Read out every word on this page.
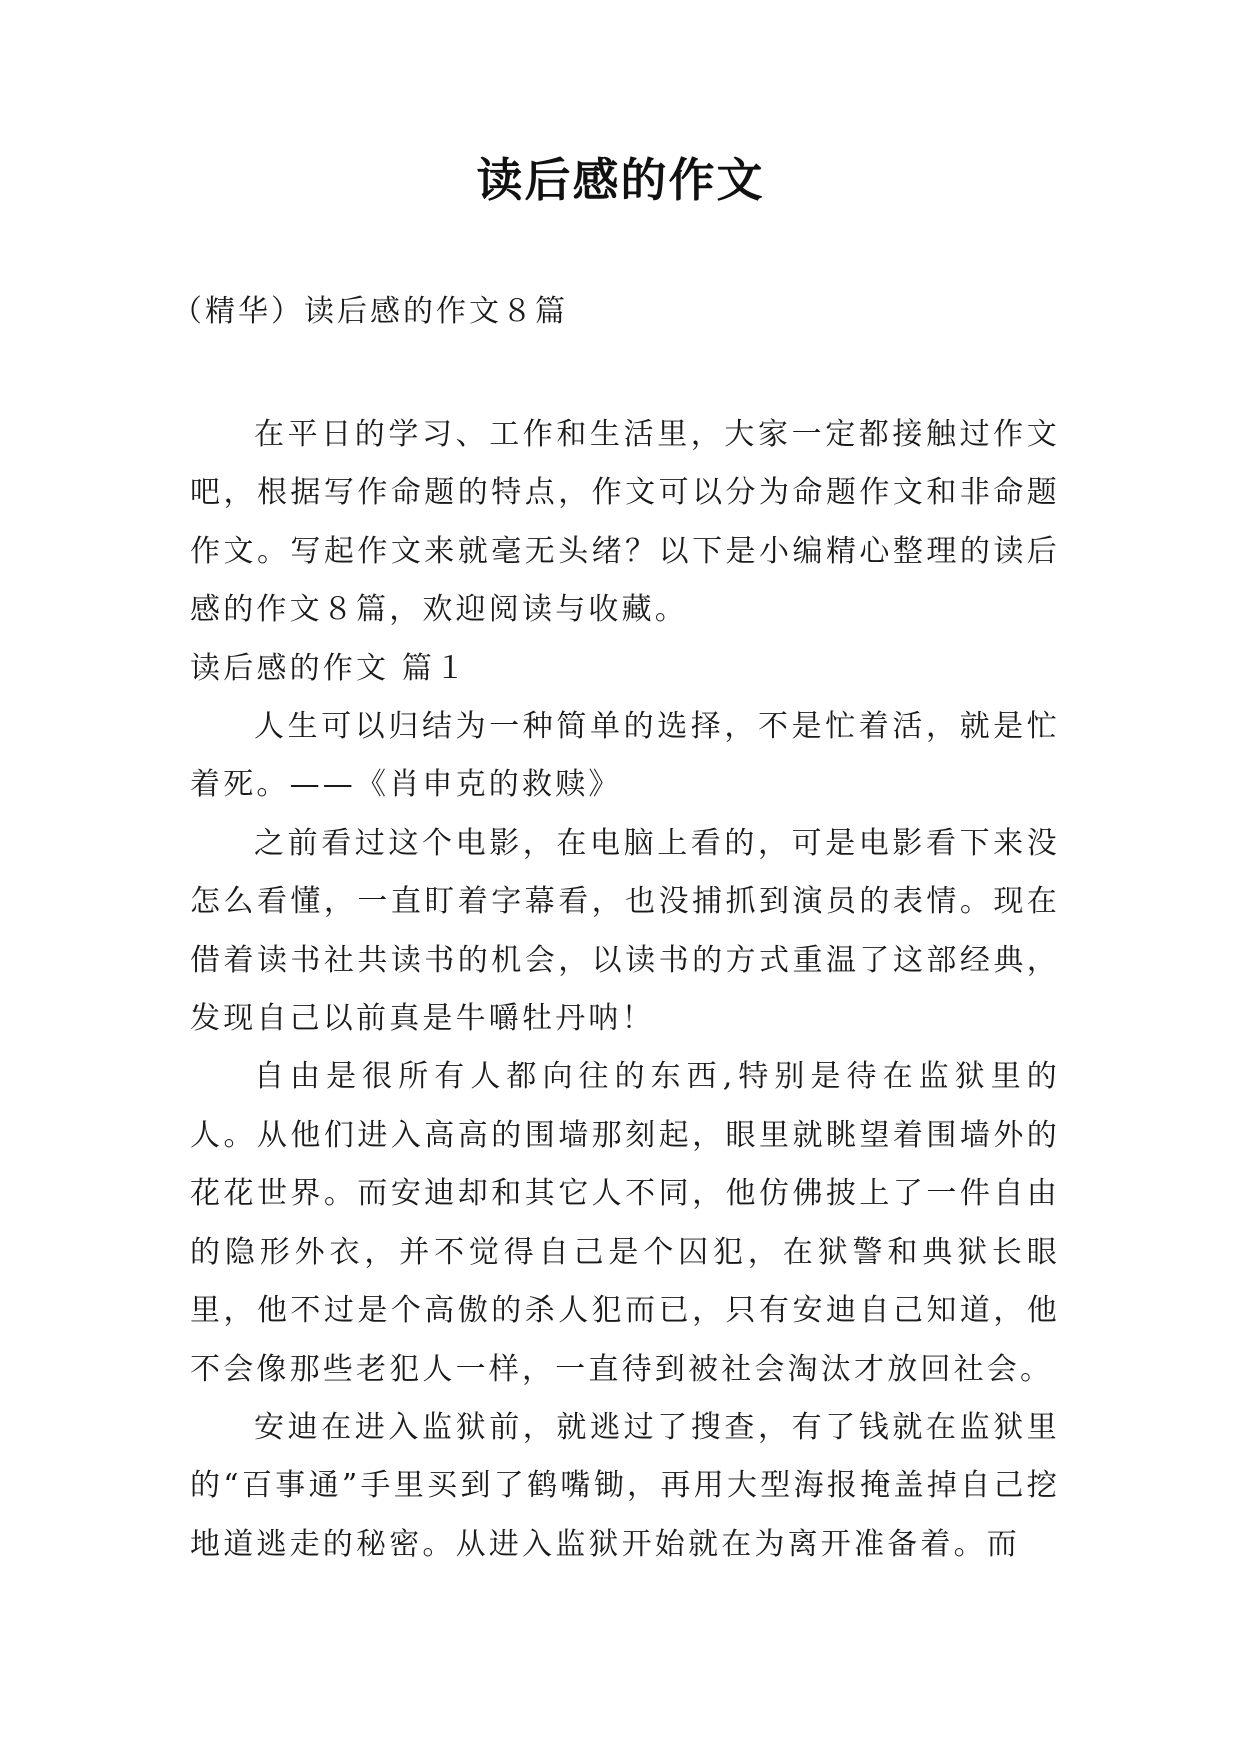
读后感的作文
（精华）读后感的作文８篇

在平日的学习、工作和生活里，大家一定都接触过作文吧，根据写作命题的特点，作文可以分为命题作文和非命题作文。写起作文来就毫无头绪？以下是小编精心整理的读后感的作文８篇，欢迎阅读与收藏。

读后感的作文 篇１

人生可以归结为一种简单的选择，不是忙着活，就是忙着死。——《肖申克的救赎》

之前看过这个电影，在电脑上看的，可是电影看下来没怎么看懂，一直盯着字幕看，也没捕抓到演员的表情。现在借着读书社共读书的机会，以读书的方式重温了这部经典，发现自己以前真是牛嚼牡丹呐！

自由是很所有人都向往的东西,特别是待在监狱里的人。从他们进入高高的围墙那刻起，眼里就眺望着围墙外的花花世界。而安迪却和其它人不同，他仿佛披上了一件自由的隐形外衣，并不觉得自己是个囚犯，在狱警和典狱长眼里，他不过是个高傲的杀人犯而已，只有安迪自己知道，他不会像那些老犯人一样，一直待到被社会淘汰才放回社会。

安迪在进入监狱前，就逃过了搜查，有了钱就在监狱里的“百事通”手里买到了鹤嘴锄，再用大型海报掩盖掉自己挖地道逃走的秘密。从进入监狱开始就在为离开准备着。而
